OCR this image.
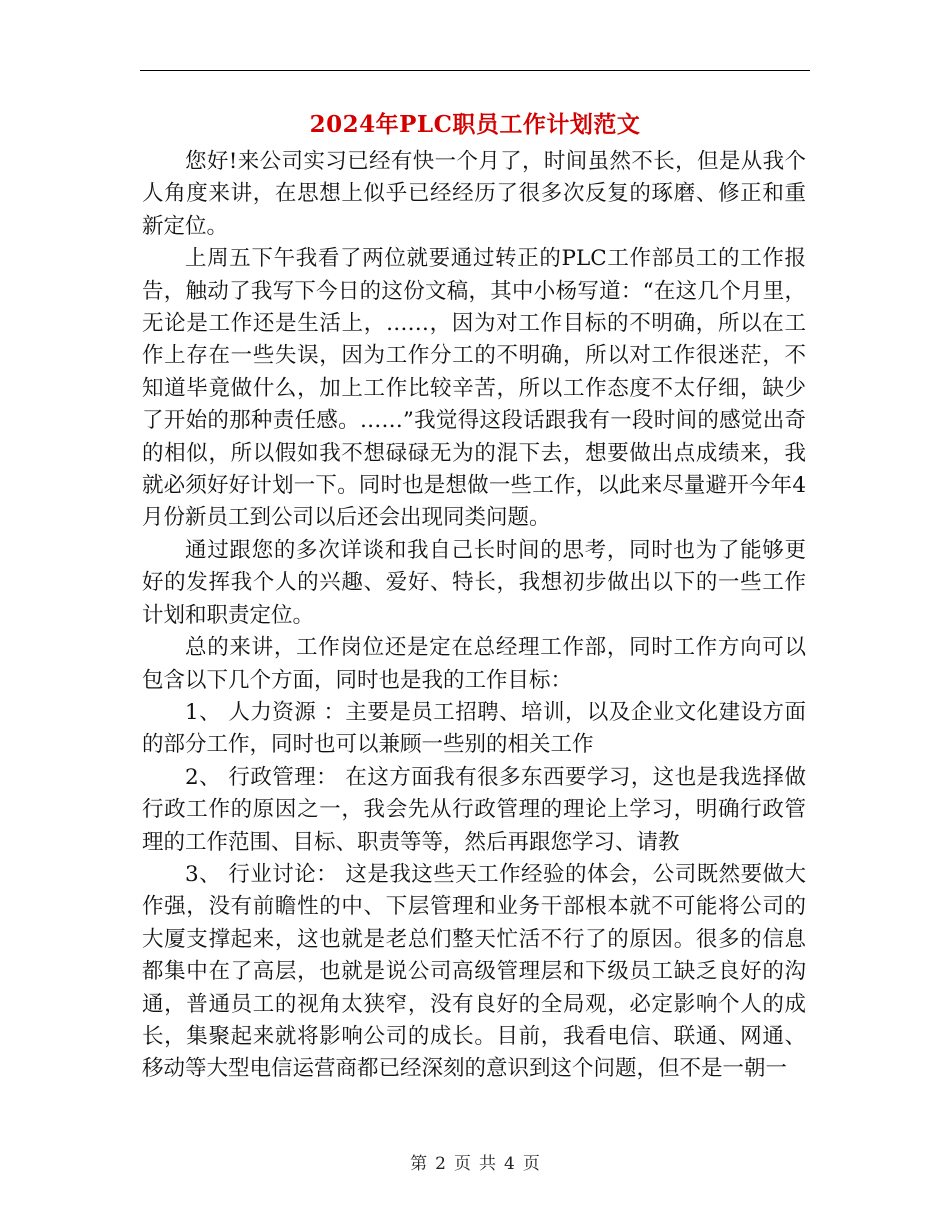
2024年PLC职员工作计划范文

您好!来公司实习已经有快一个月了，时间虽然不长，但是从我个人角度来讲，在思想上似乎已经经历了很多次反复的琢磨、修正和重新定位。

上周五下午我看了两位就要通过转正的PLC工作部员工的工作报告，触动了我写下今日的这份文稿，其中小杨写道：“在这几个月里，无论是工作还是生活上，……，因为对工作目标的不明确，所以在工作上存在一些失误，因为工作分工的不明确，所以对工作很迷茫，不知道毕竟做什么，加上工作比较辛苦，所以工作态度不太仔细，缺少了开始的那种责任感。……”我觉得这段话跟我有一段时间的感觉出奇的相似，所以假如我不想碌碌无为的混下去，想要做出点成绩来，我就必须好好计划一下。同时也是想做一些工作，以此来尽量避开今年4月份新员工到公司以后还会出现同类问题。

通过跟您的多次详谈和我自己长时间的思考，同时也为了能够更好的发挥我个人的兴趣、爱好、特长，我想初步做出以下的一些工作计划和职责定位。

总的来讲，工作岗位还是定在总经理工作部，同时工作方向可以包含以下几个方面，同时也是我的工作目标：

1、 人力资源 ：主要是员工招聘、培训，以及企业文化建设方面的部分工作，同时也可以兼顾一些别的相关工作

2、 行政管理： 在这方面我有很多东西要学习，这也是我选择做行政工作的原因之一，我会先从行政管理的理论上学习，明确行政管理的工作范围、目标、职责等等，然后再跟您学习、请教

3、 行业讨论： 这是我这些天工作经验的体会，公司既然要做大作强，没有前瞻性的中、下层管理和业务干部根本就不可能将公司的大厦支撑起来，这也就是老总们整天忙活不行了的原因。很多的信息都集中在了高层，也就是说公司高级管理层和下级员工缺乏良好的沟通，普通员工的视角太狭窄，没有良好的全局观，必定影响个人的成长，集聚起来就将影响公司的成长。目前，我看电信、联通、网通、移动等大型电信运营商都已经深刻的意识到这个问题，但不是一朝一

第 2 页 共 4 页
